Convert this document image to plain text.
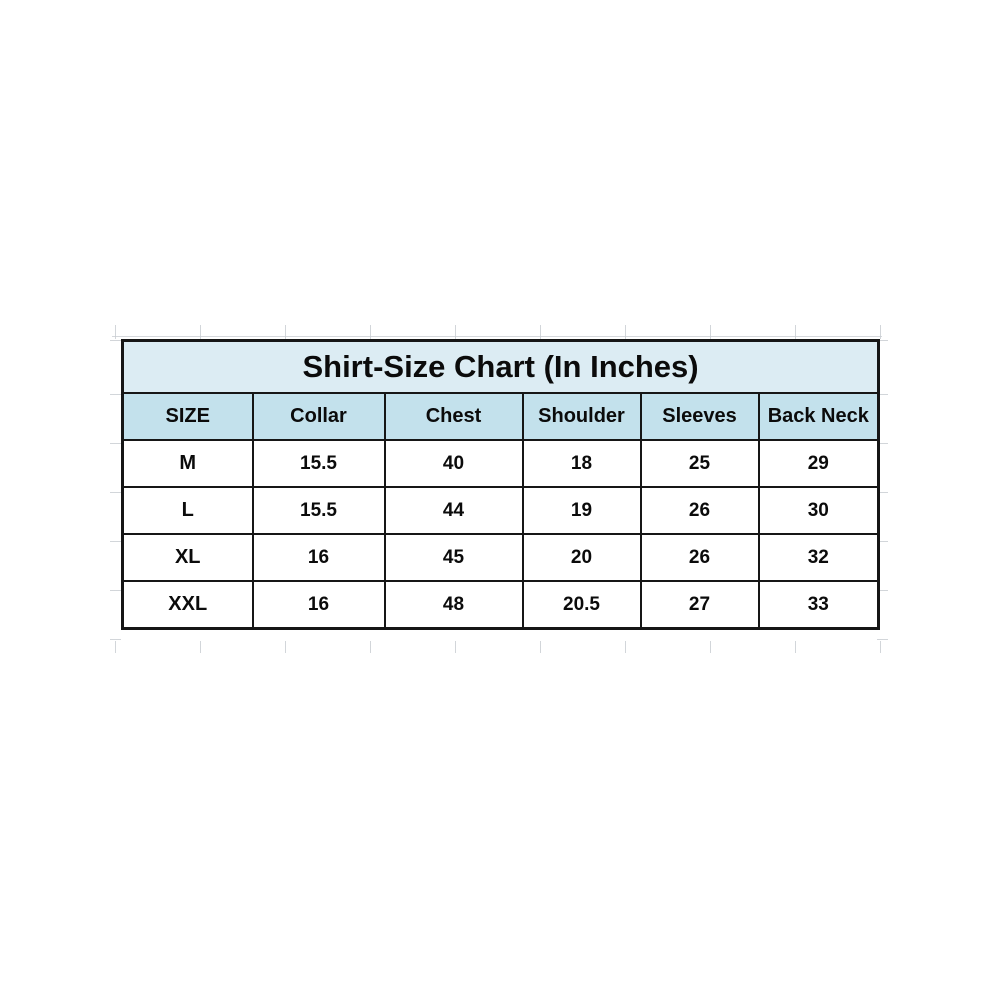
Shirt-Size Chart (In Inches)					
SIZE	Collar	Chest	Shoulder	Sleeves	Back Neck
M	15.5	40	18	25	29
L	15.5	44	19	26	30
XL	16	45	20	26	32
XXL	16	48	20.5	27	33
